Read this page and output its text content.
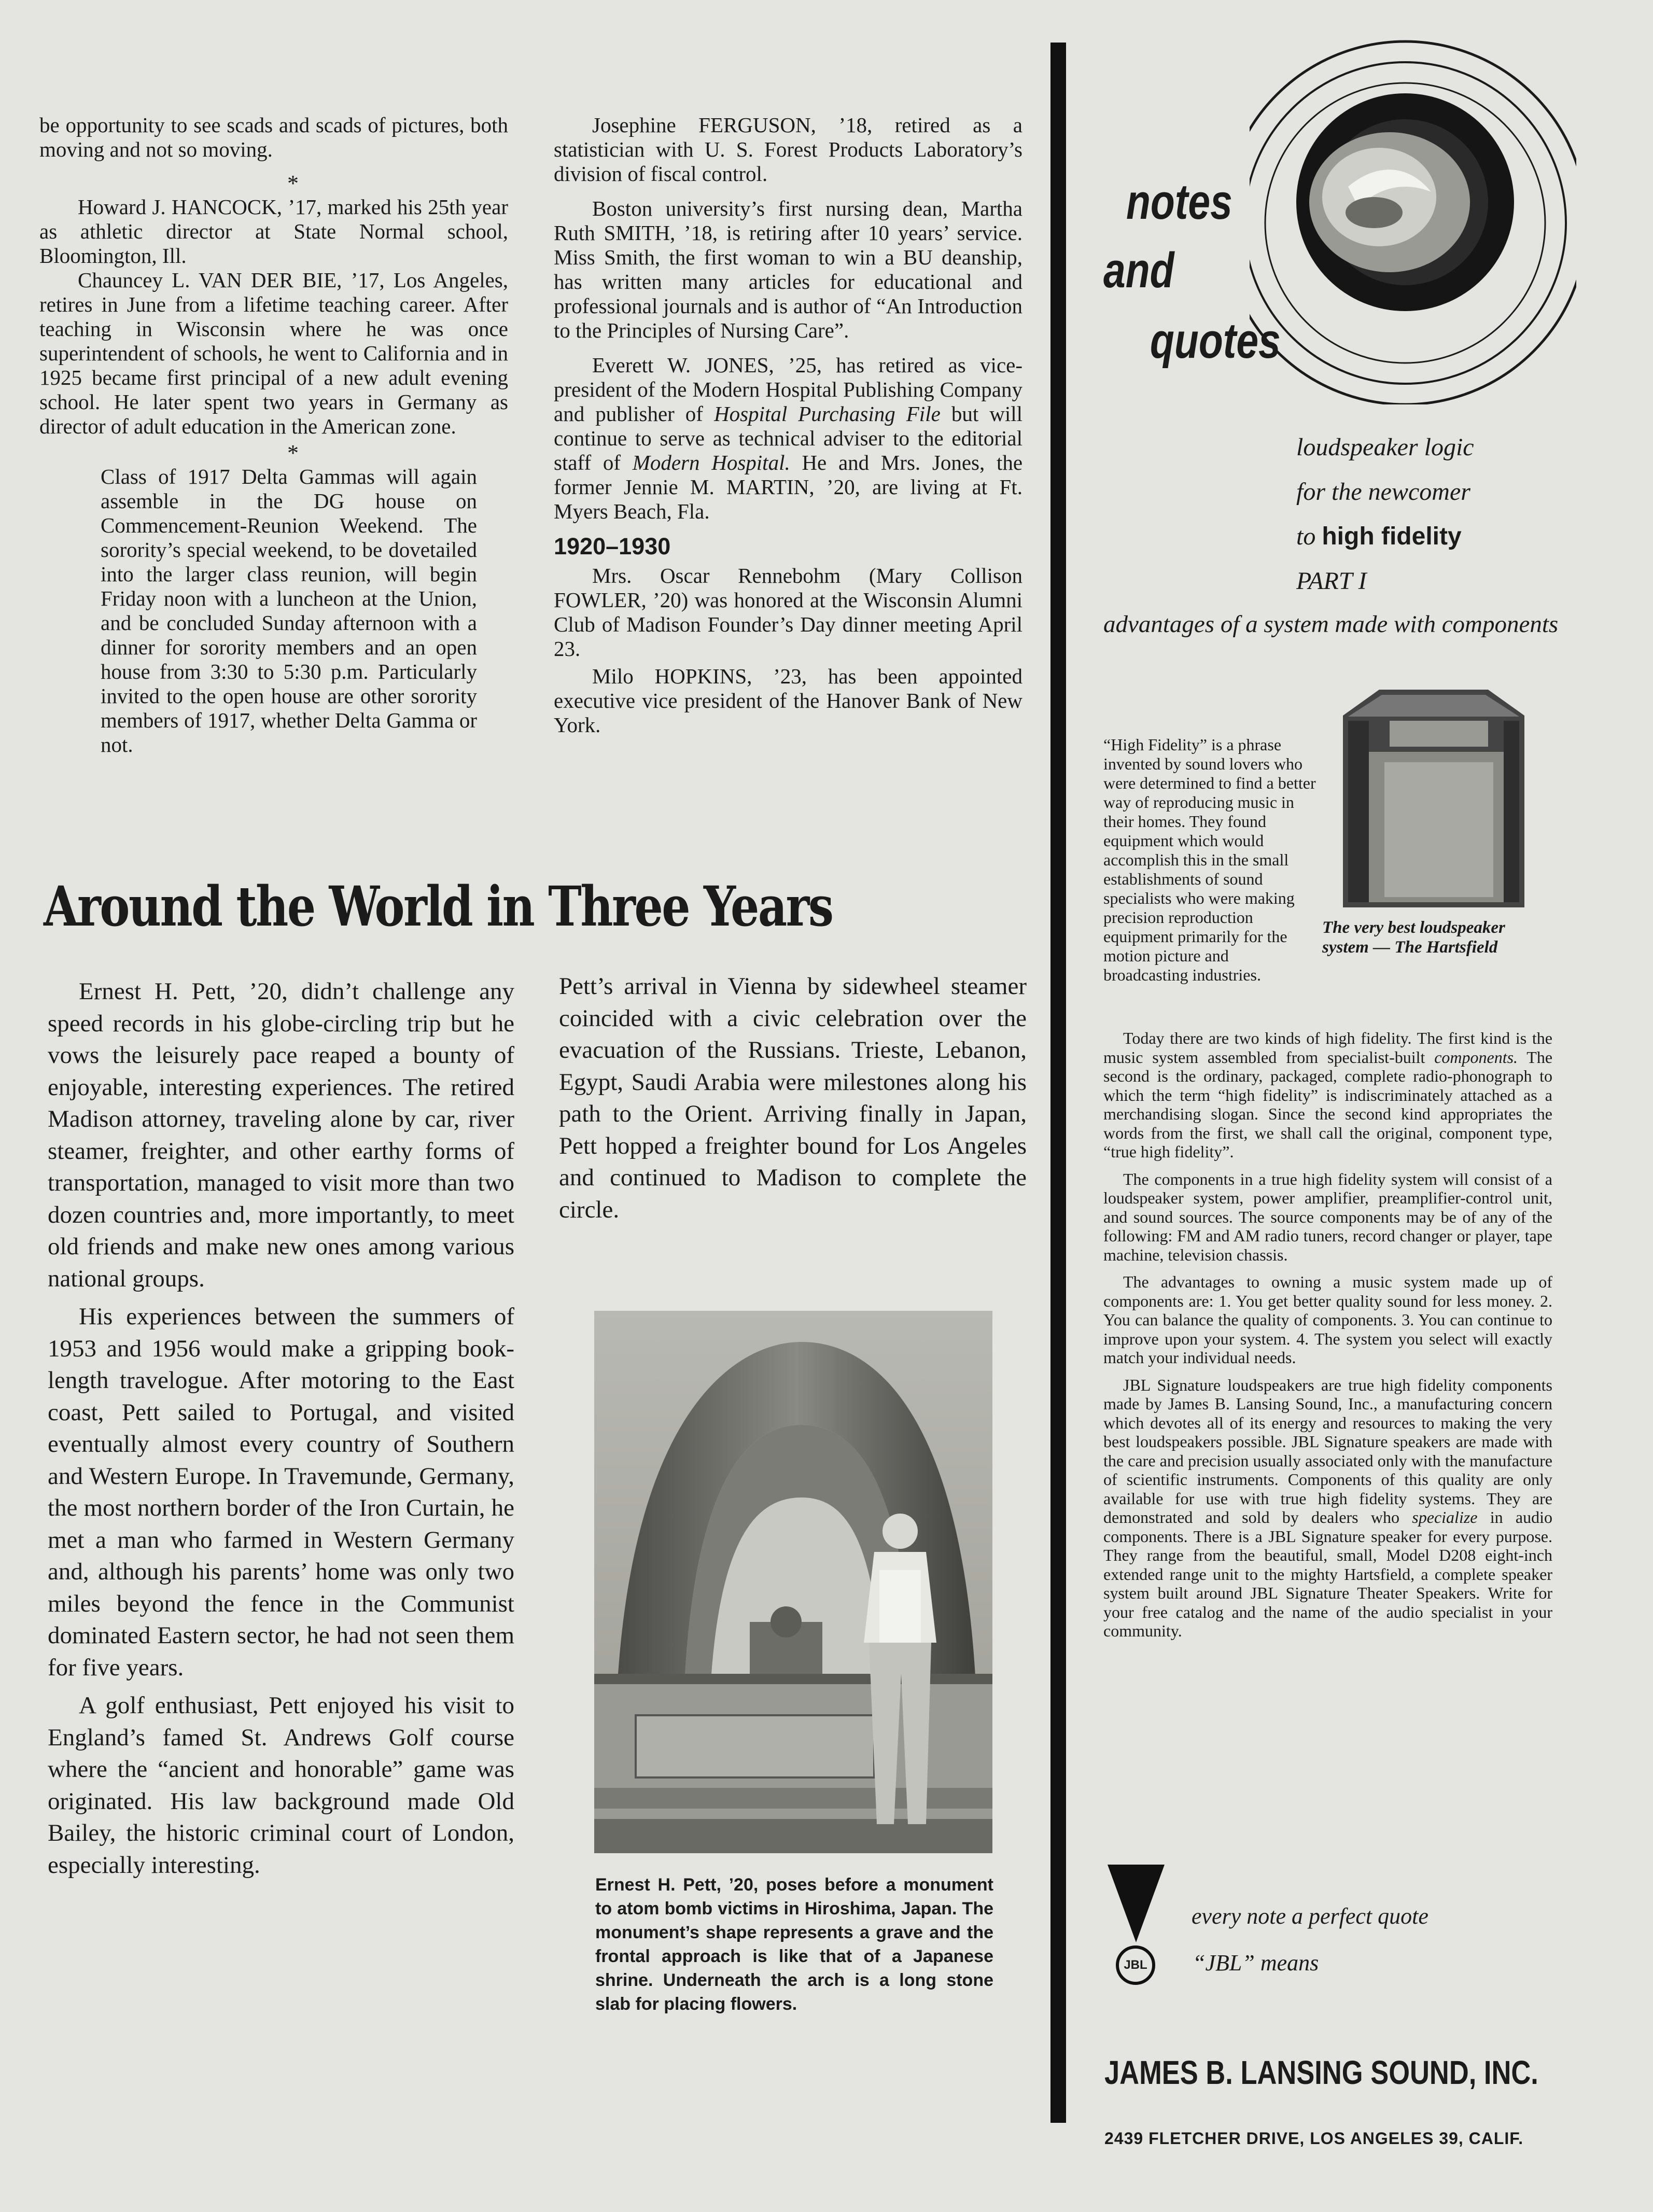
be opportunity to see scads and scads of pictures, both moving and not so moving.

*

Howard J. HANCOCK, ’17, marked his 25th year as athletic director at State Normal school, Bloomington, Ill.

Chauncey L. VAN DER BIE, ’17, Los Angeles, retires in June from a lifetime teaching career. After teaching in Wisconsin where he was once superintendent of schools, he went to California and in 1925 became first principal of a new adult evening school. He later spent two years in Germany as director of adult education in the American zone.

*

Class of 1917 Delta Gammas will again assemble in the DG house on Commencement-Reunion Weekend. The sorority’s special weekend, to be dovetailed into the larger class reunion, will begin Friday noon with a luncheon at the Union, and be concluded Sunday afternoon with a dinner for sorority members and an open house from 3:30 to 5:30 p.m. Particularly invited to the open house are other sorority members of 1917, whether Delta Gamma or not.

Josephine FERGUSON, ’18, retired as a statistician with U. S. Forest Products Laboratory’s division of fiscal control.

Boston university’s first nursing dean, Martha Ruth SMITH, ’18, is retiring after 10 years’ service. Miss Smith, the first woman to win a BU deanship, has written many articles for educational and professional journals and is author of “An Introduction to the Principles of Nursing Care”.

Everett W. JONES, ’25, has retired as vice-president of the Modern Hospital Publishing Company and publisher of Hospital Purchasing File but will continue to serve as technical adviser to the editorial staff of Modern Hospital. He and Mrs. Jones, the former Jennie M. MARTIN, ’20, are living at Ft. Myers Beach, Fla.

1920–1930

Mrs. Oscar Rennebohm (Mary Collison FOWLER, ’20) was honored at the Wisconsin Alumni Club of Madison Founder’s Day dinner meeting April 23.

Milo HOPKINS, ’23, has been appointed executive vice president of the Hanover Bank of New York.

Around the World in Three Years

Ernest H. Pett, ’20, didn’t challenge any speed records in his globe-circling trip but he vows the leisurely pace reaped a bounty of enjoyable, interesting experiences. The retired Madison attorney, traveling alone by car, river steamer, freighter, and other earthy forms of transportation, managed to visit more than two dozen countries and, more importantly, to meet old friends and make new ones among various national groups.

His experiences between the summers of 1953 and 1956 would make a gripping book-length travelogue. After motoring to the East coast, Pett sailed to Portugal, and visited eventually almost every country of Southern and Western Europe. In Travemunde, Germany, the most northern border of the Iron Curtain, he met a man who farmed in Western Germany and, although his parents’ home was only two miles beyond the fence in the Communist dominated Eastern sector, he had not seen them for five years.

A golf enthusiast, Pett enjoyed his visit to England’s famed St. Andrews Golf course where the “ancient and honorable” game was originated. His law background made Old Bailey, the historic criminal court of London, especially interesting.

Pett’s arrival in Vienna by sidewheel steamer coincided with a civic celebration over the evacuation of the Russians. Trieste, Lebanon, Egypt, Saudi Arabia were milestones along his path to the Orient. Arriving finally in Japan, Pett hopped a freighter bound for Los Angeles and continued to Madison to complete the circle.

Ernest H. Pett, ’20, poses before a monument to atom bomb victims in Hiroshima, Japan. The monument’s shape represents a grave and the frontal approach is like that of a Japanese shrine. Underneath the arch is a long stone slab for placing flowers.
notes
and
quotes
loudspeaker logic
for the newcomer
to high fidelity
PART I
advantages of a system made with components
The very best loudspeaker system — The Hartsfield
“High Fidelity” is a phrase invented by sound lovers who were determined to find a better way of reproducing music in their homes. They found equipment which would accomplish this in the small establishments of sound specialists who were making precision reproduction equipment primarily for the motion picture and broadcasting industries.

Today there are two kinds of high fidelity. The first kind is the music system assembled from specialist-built components. The second is the ordinary, packaged, complete radio-phonograph to which the term “high fidelity” is indiscriminately attached as a merchandising slogan. Since the second kind appropriates the words from the first, we shall call the original, component type, “true high fidelity”.

The components in a true high fidelity system will consist of a loudspeaker system, power amplifier, preamplifier-control unit, and sound sources. The source components may be of any of the following: FM and AM radio tuners, record changer or player, tape machine, television chassis.

The advantages to owning a music system made up of components are: 1. You get better quality sound for less money. 2. You can balance the quality of components. 3. You can continue to improve upon your system. 4. The system you select will exactly match your individual needs.

JBL Signature loudspeakers are true high fidelity components made by James B. Lansing Sound, Inc., a manufacturing concern which devotes all of its energy and resources to making the very best loudspeakers possible. JBL Signature speakers are made with the care and precision usually associated only with the manufacture of scientific instruments. Components of this quality are only available for use with true high fidelity systems. They are demonstrated and sold by dealers who specialize in audio components. There is a JBL Signature speaker for every purpose. They range from the beautiful, small, Model D208 eight-inch extended range unit to the mighty Hartsfield, a complete speaker system built around JBL Signature Theater Speakers. Write for your free catalog and the name of the audio specialist in your community.

every note a perfect quote
JBL	“JBL” means
JAMES B. LANSING SOUND, INC.
2439 FLETCHER DRIVE, LOS ANGELES 39, CALIF.
